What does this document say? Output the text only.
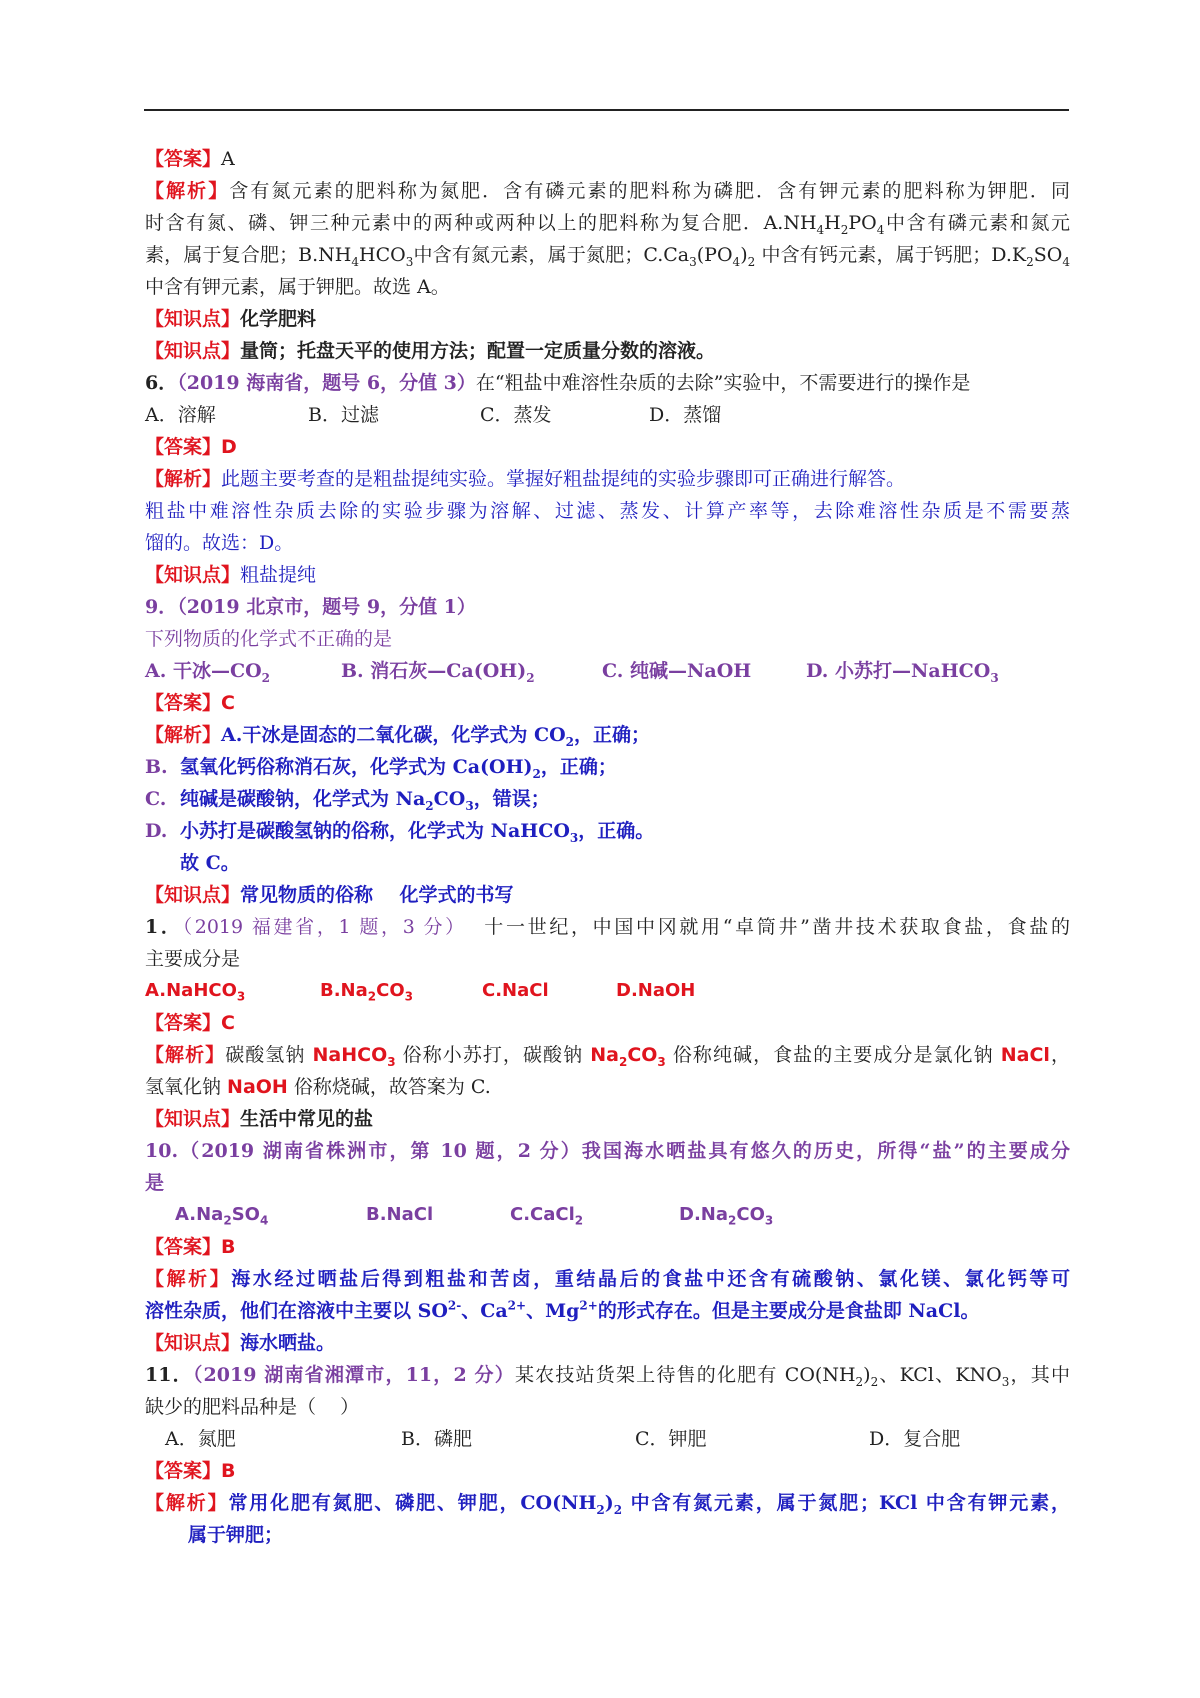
【答案】A
【解析】含有氮元素的肥料称为氮肥．含有磷元素的肥料称为磷肥．含有钾元素的肥料称为钾肥．同
时含有氮、磷、钾三种元素中的两种或两种以上的肥料称为复合肥．$A.NH_4H_2PO_4$中含有磷元素和氮元
素，属于复合肥；$B.NH_4HCO_3$中含有氮元素，属于氮肥；$C.Ca_3(PO_4)_2$ 中含有钙元素，属于钙肥；$D.K_2SO_4$
中含有钾元素，属于钾肥。故选 A。
【知识点】化学肥料
【知识点】量筒；托盘天平的使用方法；配置一定质量分数的溶液。
6．（2019 海南省，题号 6，分值 3）在“粗盐中难溶性杂质的去除”实验中，不需要进行的操作是
A．溶解	B．过滤	C．蒸发	D．蒸馏
【答案】D
【解析】此题主要考查的是粗盐提纯实验。掌握好粗盐提纯的实验步骤即可正确进行解答。
粗盐中难溶性杂质去除的实验步骤为溶解、过滤、蒸发、计算产率等，去除难溶性杂质是不需要蒸
馏的。故选：D。
【知识点】粗盐提纯
9．（2019 北京市，题号 9，分值 1）
下列物质的化学式不正确的是
A. 干冰$—CO_2$	B. 消石灰$—Ca(OH)_2$	C. 纯碱—NaOH	D. 小苏打—NaHCO$_3$
【答案】C
【解析】A.干冰是固态的二氧化碳，化学式为 $CO_2$，正确；
B. 氢氧化钙俗称消石灰，化学式为 $Ca(OH)_2$，正确；
C. 纯碱是碳酸钠，化学式为 $Na_2CO_3$，错误；
D. 小苏打是碳酸氢钠的俗称，化学式为 NaHCO$_3$，正确。
故 C。
【知识点】常见物质的俗称    化学式的书写
1．（2019 福建省，1 题，3 分）  十一世纪，中国中冈就用“卓筒井”凿井技术获取食盐，食盐的
主要成分是
A.NaHCO$_3$	$B.Na_2CO_3$	C.NaCl	D.NaOH
【答案】C
【解析】碳酸氢钠 NaHCO$_3$ 俗称小苏打，碳酸钠 $Na_2CO_3$ 俗称纯碱，食盐的主要成分是氯化钠 NaCl，
氢氧化钠 NaOH 俗称烧碱，故答案为 C.
【知识点】生活中常见的盐
10.（2019 湖南省株洲市，第 10 题，2 分）我国海水晒盐具有悠久的历史，所得“盐”的主要成分
是
$A.Na_2SO_4$	B.NaCl	C.CaCl$_2$	$D.Na_2CO_3$
【答案】B
【解析】海水经过晒盐后得到粗盐和苦卤，重结晶后的食盐中还含有硫酸钠、氯化镁、氯化钙等可
溶性杂质，他们在溶液中主要以 $SO^{2-}$、$Ca^{2+}$、$Mg^{2+}$的形式存在。但是主要成分是食盐即 NaCl。
【知识点】海水晒盐。
11．（2019 湖南省湘潭市，11，2 分）某农技站货架上待售的化肥有 $CO(NH_2)_2$、KCl、$KNO_3$，其中
缺少的肥料品种是（    ）
A．氮肥	B．磷肥	C．钾肥	D．复合肥
【答案】B
【解析】常用化肥有氮肥、磷肥、钾肥，$CO(NH_2)_2$ 中含有氮元素，属于氮肥；KCl 中含有钾元素，
属于钾肥；
